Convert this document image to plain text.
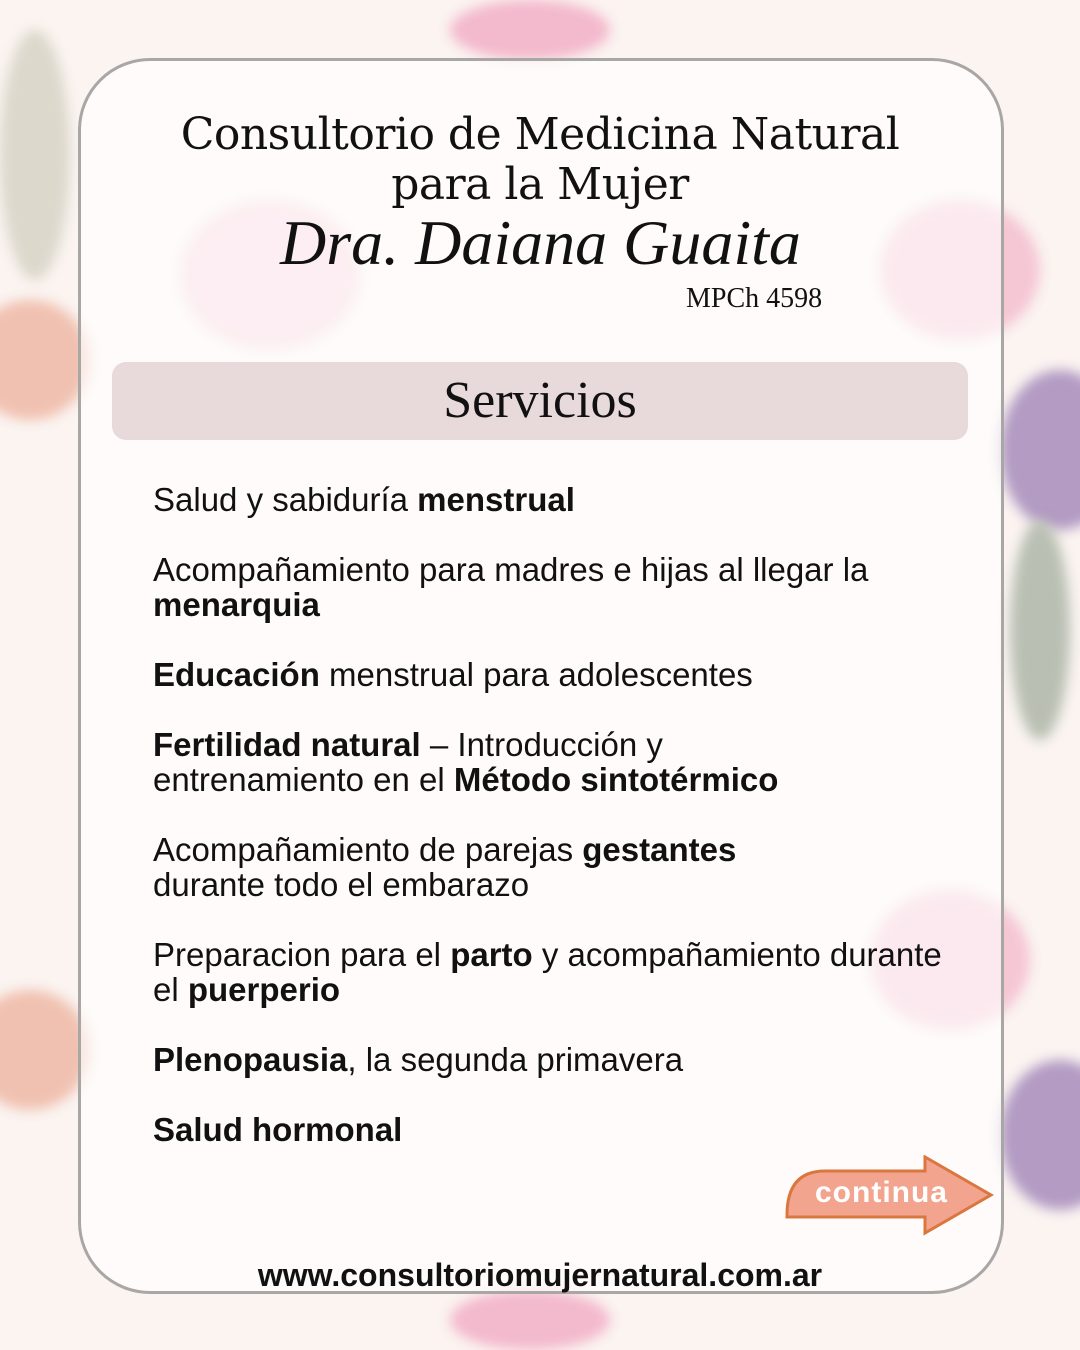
Consultorio de Medicina Natural
para la Mujer
Dra. Daiana Guaita
MPCh 4598
Servicios
Salud y sabiduría menstrual
Acompañamiento para madres e hijas al llegar la menarquia
Educación menstrual para adolescentes
Fertilidad natural – Introducción y entrenamiento en el Método sintotérmico
Acompañamiento de parejas gestantes durante todo el embarazo
Preparacion para el parto y acompañamiento durante el puerperio
Plenopausia, la segunda primavera
Salud hormonal
continua
www.consultoriomujernatural.com.ar
